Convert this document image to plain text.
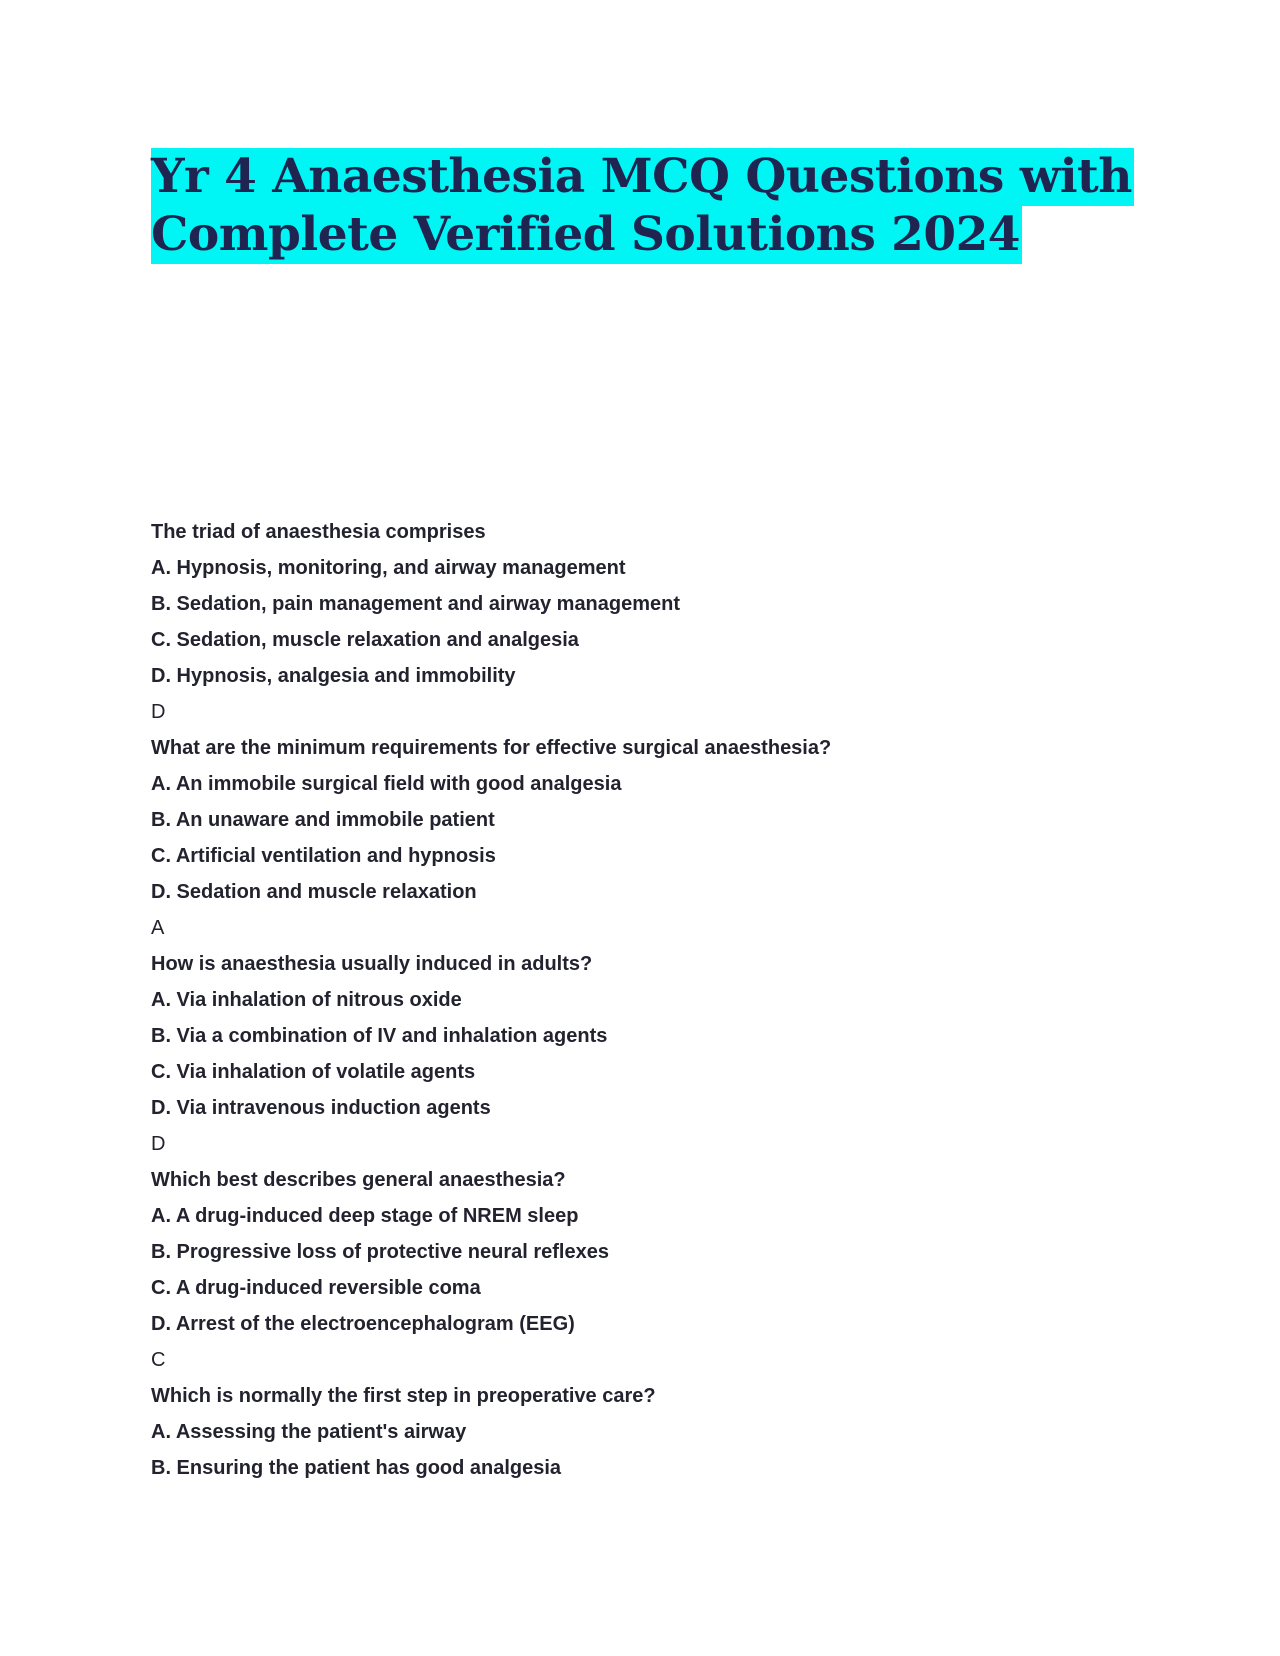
Yr 4 Anaesthesia MCQ Questions with
Complete Verified Solutions 2024
The triad of anaesthesia comprises
A. Hypnosis, monitoring, and airway management
B. Sedation, pain management and airway management
C. Sedation, muscle relaxation and analgesia
D. Hypnosis, analgesia and immobility
D
What are the minimum requirements for effective surgical anaesthesia?
A. An immobile surgical field with good analgesia
B. An unaware and immobile patient
C. Artificial ventilation and hypnosis
D. Sedation and muscle relaxation
A
How is anaesthesia usually induced in adults?
A. Via inhalation of nitrous oxide
B. Via a combination of IV and inhalation agents
C. Via inhalation of volatile agents
D. Via intravenous induction agents
D
Which best describes general anaesthesia?
A. A drug-induced deep stage of NREM sleep
B. Progressive loss of protective neural reflexes
C. A drug-induced reversible coma
D. Arrest of the electroencephalogram (EEG)
C
Which is normally the first step in preoperative care?
A. Assessing the patient's airway
B. Ensuring the patient has good analgesia
